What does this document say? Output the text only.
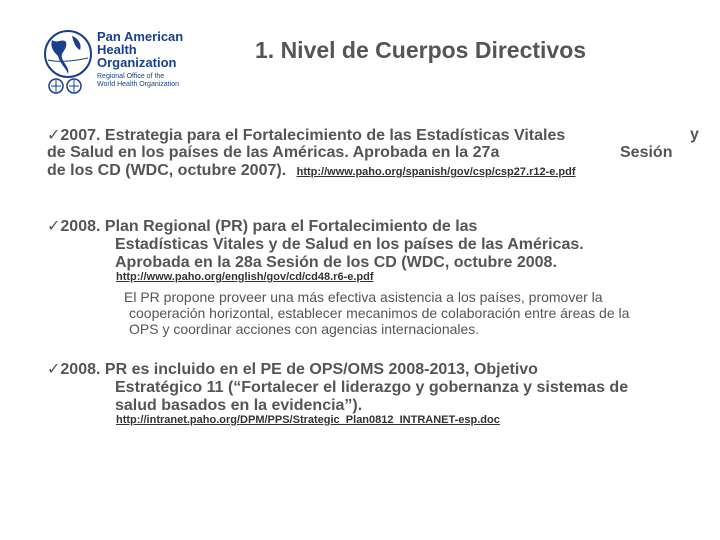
Pan American
Health
Organization
Regional Office of the
World Health Organization
1. Nivel de Cuerpos Directivos
✓2007. Estrategia para el Fortalecimiento de las Estadísticas Vitales	y
de Salud en los países de las Américas. Aprobada en la 27a	Sesión
de los CD (WDC, octubre 2007). http://www.paho.org/spanish/gov/csp/csp27.r12-e.pdf
✓2008. Plan Regional (PR) para el Fortalecimiento de las
Estadísticas Vitales y de Salud en los países de las Américas.
Aprobada en la 28a Sesión de los CD (WDC, octubre 2008.
http://www.paho.org/english/gov/cd/cd48.r6-e.pdf
El PR propone proveer una más efectiva asistencia a los países, promover la
cooperación horizontal, establecer mecanimos de colaboración entre áreas de la
OPS y coordinar acciones con agencias internacionales.
✓2008. PR es incluido en el PE de OPS/OMS 2008-2013, Objetivo
Estratégico 11 (“Fortalecer el liderazgo y gobernanza y sistemas de
salud basados en la evidencia”).
http://intranet.paho.org/DPM/PPS/Strategic_Plan0812_INTRANET-esp.doc
